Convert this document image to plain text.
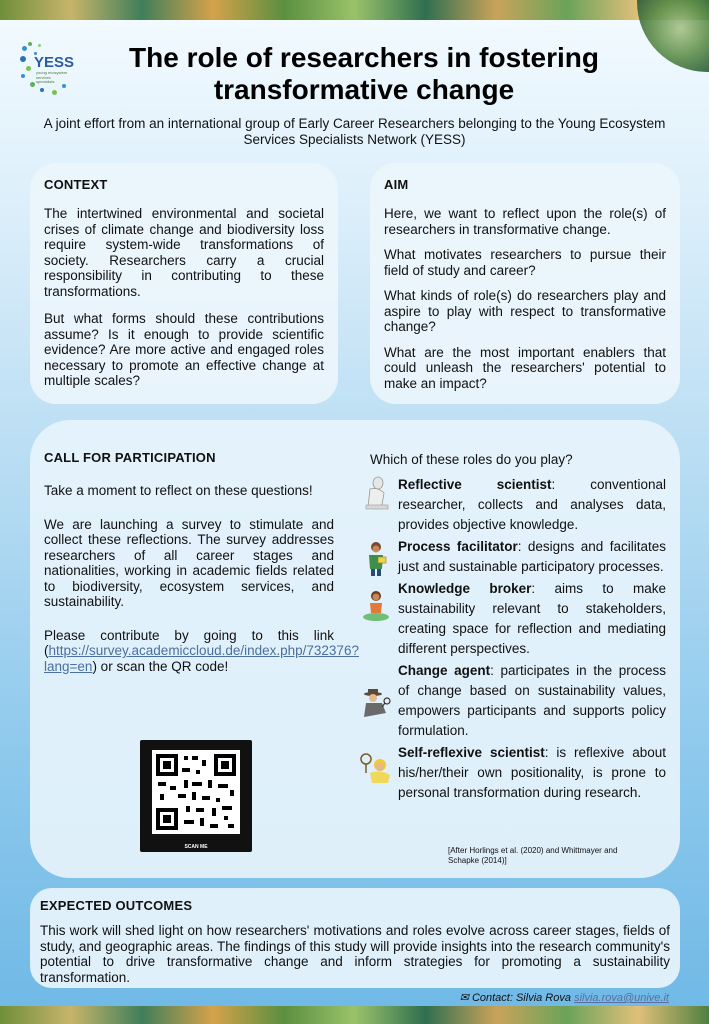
YESS
young ecosystem services specialists
The role of researchers in fostering
transformative change
A joint effort from an international group of Early Career Researchers belonging to the Young Ecosystem Services Specialists Network (YESS)
CONTEXT

The intertwined environmental and societal crises of climate change and biodiversity loss require system-wide transformations of society. Researchers carry a crucial responsibility in contributing to these transformations.

But what forms should these contributions assume? Is it enough to provide scientific evidence? Are more active and engaged roles necessary to promote an effective change at multiple scales?

AIM

Here, we want to reflect upon the role(s) of researchers in transformative change.

What motivates researchers to pursue their field of study and career?

What kinds of role(s) do researchers play and aspire to play with respect to transformative change?

What are the most important enablers that could unleash the researchers' potential to make an impact?

CALL FOR PARTICIPATION

Take a moment to reflect on these questions!

We are launching a survey to stimulate and collect these reflections. The survey addresses researchers of all career stages and nationalities, working in academic fields related to biodiversity, ecosystem services, and sustainability.

Please contribute by going to this link (https://survey.academiccloud.de/index.php/732376?lang=en) or scan the QR code!

SCAN ME
Which of these roles do you play?
Reflective scientist: conventional researcher, collects and analyses data, provides objective knowledge.
Process facilitator: designs and facilitates just and sustainable participatory processes.
Knowledge broker: aims to make sustainability relevant to stakeholders, creating space for reflection and mediating different perspectives.
Change agent: participates in the process of change based on sustainability values, empowers participants and supports policy formulation.
Self-reflexive scientist: is reflexive about his/her/their own positionality, is prone to personal transformation during research.
[After Horlings et al. (2020) and Whittmayer and Schapke (2014)]
EXPECTED OUTCOMES

This work will shed light on how researchers' motivations and roles evolve across career stages, fields of study, and geographic areas. The findings of this study will provide insights into the research community's potential to drive transformative change and inform strategies for promoting a sustainability transformation.

✉ Contact: Silvia Rova silvia.rova@unive.it
